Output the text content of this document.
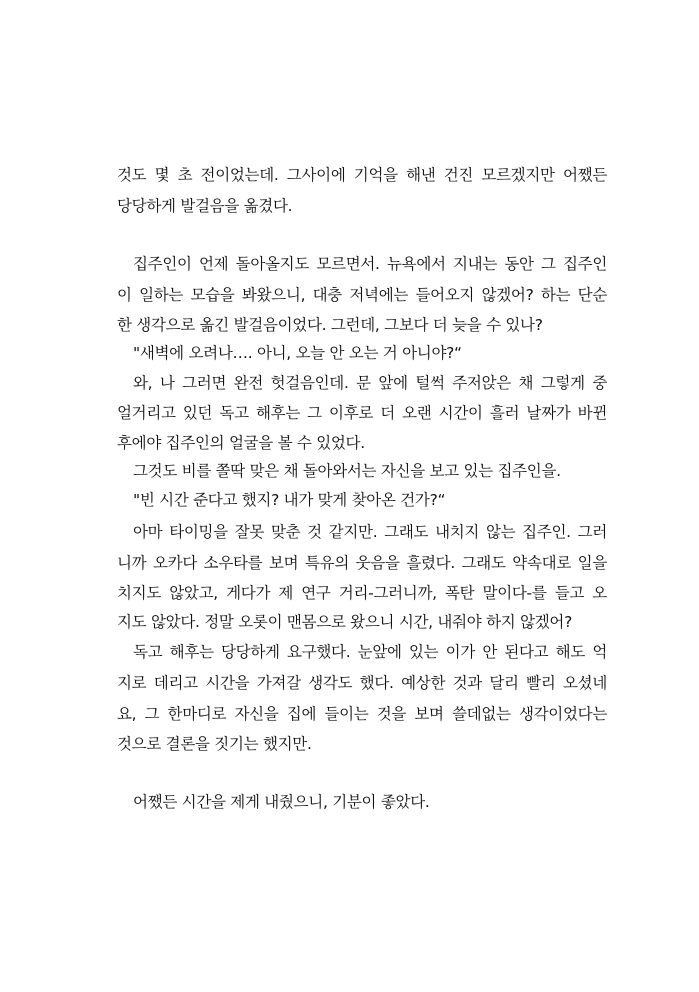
것도 몇 초 전이었는데. 그사이에 기억을 해낸 건진 모르겠지만 어쨌든
당당하게 발걸음을 옮겼다.
집주인이 언제 돌아올지도 모르면서. 뉴욕에서 지내는 동안 그 집주인
이 일하는 모습을 봐왔으니, 대충 저녁에는 들어오지 않겠어? 하는 단순
한 생각으로 옮긴 발걸음이었다. 그런데, 그보다 더 늦을 수 있나?
"새벽에 오려나…. 아니, 오늘 안 오는 거 아니야?“
와, 나 그러면 완전 헛걸음인데. 문 앞에 털썩 주저앉은 채 그렇게 중
얼거리고 있던 독고 해후는 그 이후로 더 오랜 시간이 흘러 날짜가 바뀐
후에야 집주인의 얼굴을 볼 수 있었다.
그것도 비를 쫄딱 맞은 채 돌아와서는 자신을 보고 있는 집주인을.
"빈 시간 준다고 했지? 내가 맞게 찾아온 건가?“
아마 타이밍을 잘못 맞춘 것 같지만. 그래도 내치지 않는 집주인. 그러
니까 오카다 소우타를 보며 특유의 웃음을 흘렸다. 그래도 약속대로 일을
치지도 않았고, 게다가 제 연구 거리-그러니까, 폭탄 말이다-를 들고 오
지도 않았다. 정말 오롯이 맨몸으로 왔으니 시간, 내줘야 하지 않겠어?
독고 해후는 당당하게 요구했다. 눈앞에 있는 이가 안 된다고 해도 억
지로 데리고 시간을 가져갈 생각도 했다. 예상한 것과 달리 빨리 오셨네
요, 그 한마디로 자신을 집에 들이는 것을 보며 쓸데없는 생각이었다는
것으로 결론을 짓기는 했지만.
어쨌든 시간을 제게 내줬으니, 기분이 좋았다.
